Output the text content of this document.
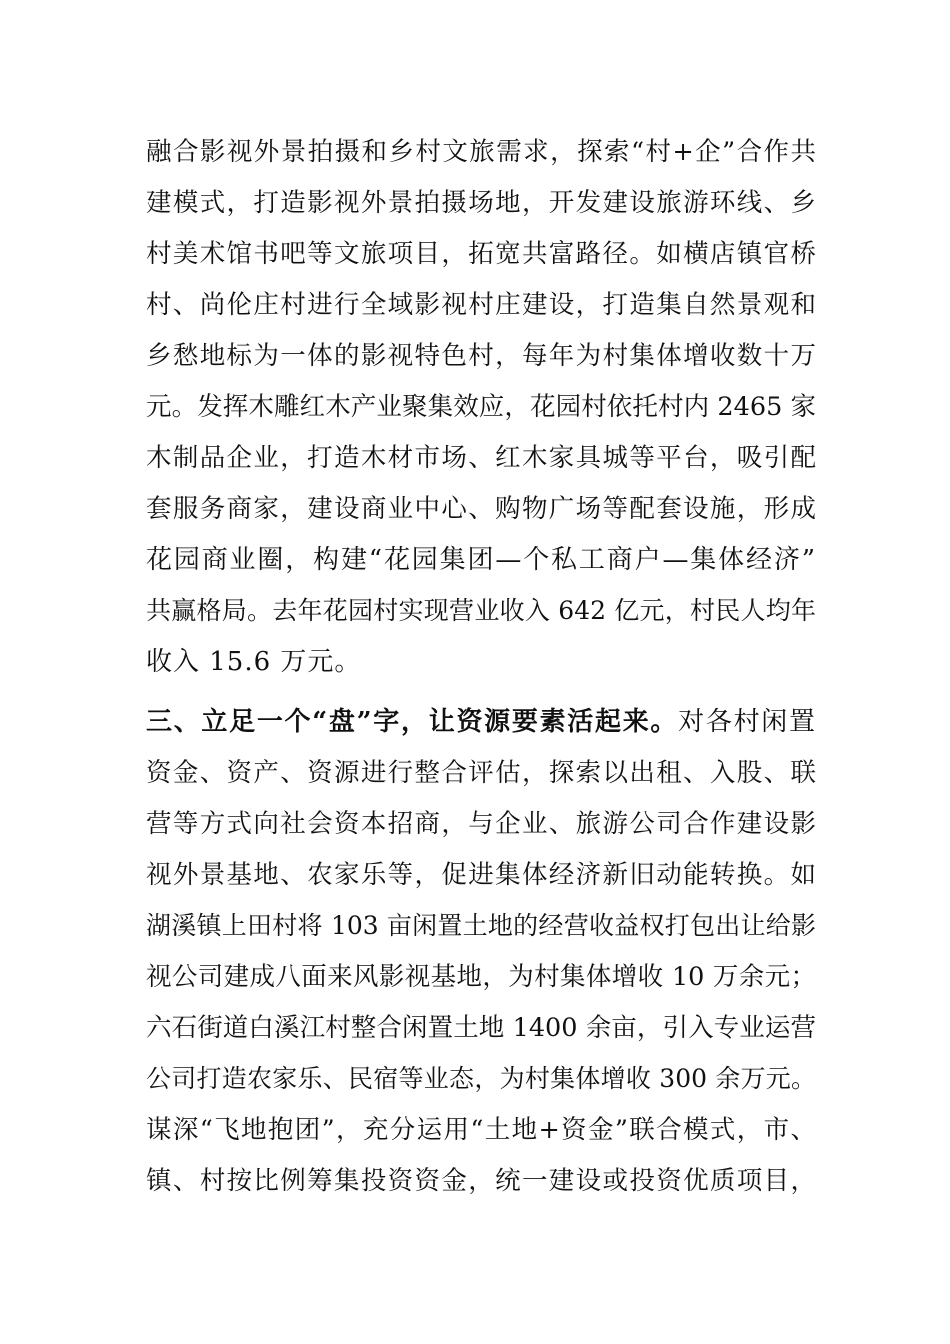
融合影视外景拍摄和乡村文旅需求，探索“村+企”合作共
建模式，打造影视外景拍摄场地，开发建设旅游环线、乡
村美术馆书吧等文旅项目，拓宽共富路径。如横店镇官桥
村、尚伦庄村进行全域影视村庄建设，打造集自然景观和
乡愁地标为一体的影视特色村，每年为村集体增收数十万
元。发挥木雕红木产业聚集效应，花园村依托村内 2465 家
木制品企业，打造木材市场、红木家具城等平台，吸引配
套服务商家，建设商业中心、购物广场等配套设施，形成
花园商业圈，构建“花园集团—个私工商户—集体经济”
共赢格局。去年花园村实现营业收入 642 亿元，村民人均年
收入 15.6 万元。
三、立足一个“盘”字，让资源要素活起来。对各村闲置
资金、资产、资源进行整合评估，探索以出租、入股、联
营等方式向社会资本招商，与企业、旅游公司合作建设影
视外景基地、农家乐等，促进集体经济新旧动能转换。如
湖溪镇上田村将 103 亩闲置土地的经营收益权打包出让给影
视公司建成八面来风影视基地，为村集体增收 10 万余元；
六石街道白溪江村整合闲置土地 1400 余亩，引入专业运营
公司打造农家乐、民宿等业态，为村集体增收 300 余万元。
谋深“飞地抱团”，充分运用“土地+资金”联合模式，市、
镇、村按比例筹集投资资金，统一建设或投资优质项目，
